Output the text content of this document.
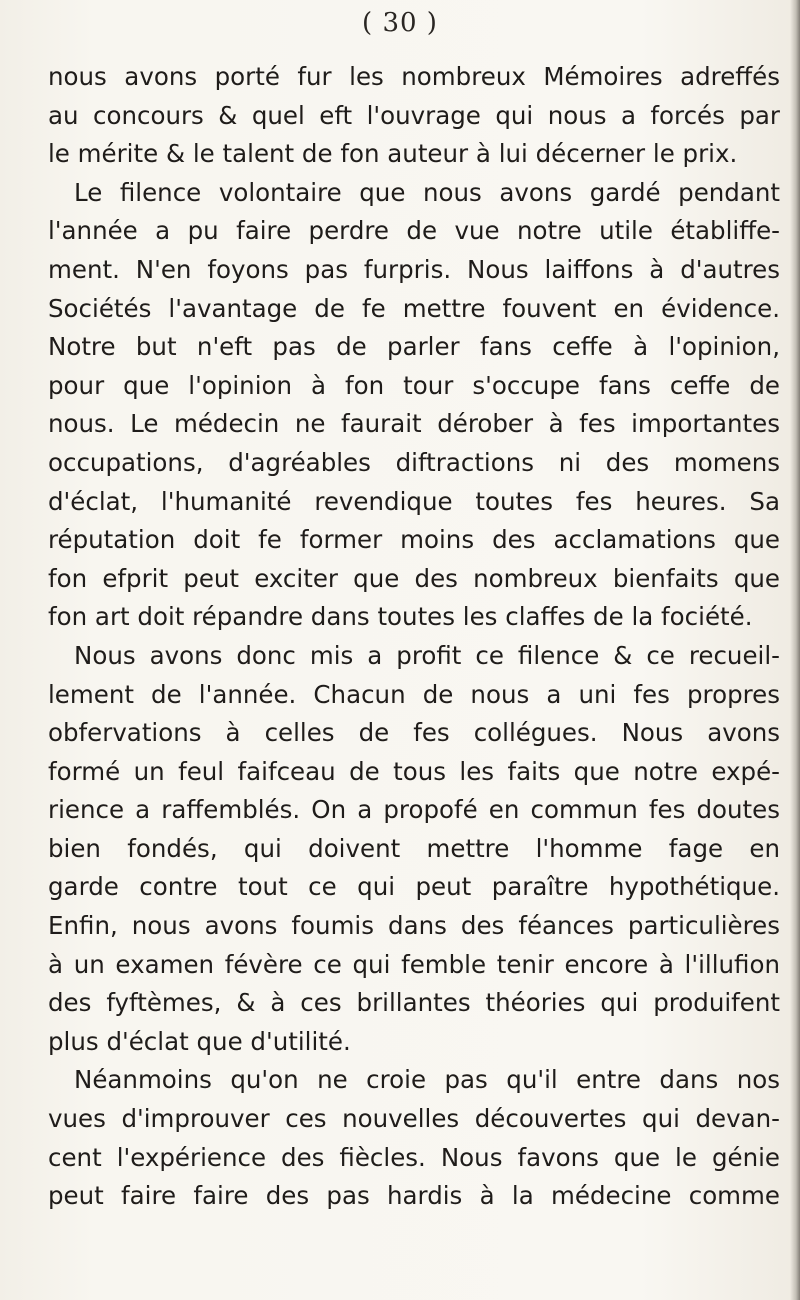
( 30 )
nous avons porté fur les nombreux Mémoires adreffés
au concours & quel eft l'ouvrage qui nous a forcés par
le mérite & le talent de fon auteur à lui décerner le prix.
Le filence volontaire que nous avons gardé pendant
l'année a pu faire perdre de vue notre utile établiffe-
ment. N'en foyons pas furpris. Nous laiffons à d'autres
Sociétés l'avantage de fe mettre fouvent en évidence.
Notre but n'eft pas de parler fans ceffe à l'opinion,
pour que l'opinion à fon tour s'occupe fans ceffe de
nous. Le médecin ne faurait dérober à fes importantes
occupations, d'agréables diftractions ni des momens
d'éclat, l'humanité revendique toutes fes heures. Sa
réputation doit fe former moins des acclamations que
fon efprit peut exciter que des nombreux bienfaits que
fon art doit répandre dans toutes les claffes de la fociété.
Nous avons donc mis a profit ce filence & ce recueil-
lement de l'année. Chacun de nous a uni fes propres
obfervations à celles de fes collégues. Nous avons
formé un feul faifceau de tous les faits que notre expé-
rience a raffemblés. On a propofé en commun fes doutes
bien fondés, qui doivent mettre l'homme fage en
garde contre tout ce qui peut paraître hypothétique.
Enfin, nous avons foumis dans des féances particulières
à un examen févère ce qui femble tenir encore à l'illufion
des fyftèmes, & à ces brillantes théories qui produifent
plus d'éclat que d'utilité.
Néanmoins qu'on ne croie pas qu'il entre dans nos
vues d'improuver ces nouvelles découvertes qui devan-
cent l'expérience des fiècles. Nous favons que le génie
peut faire faire des pas hardis à la médecine comme
